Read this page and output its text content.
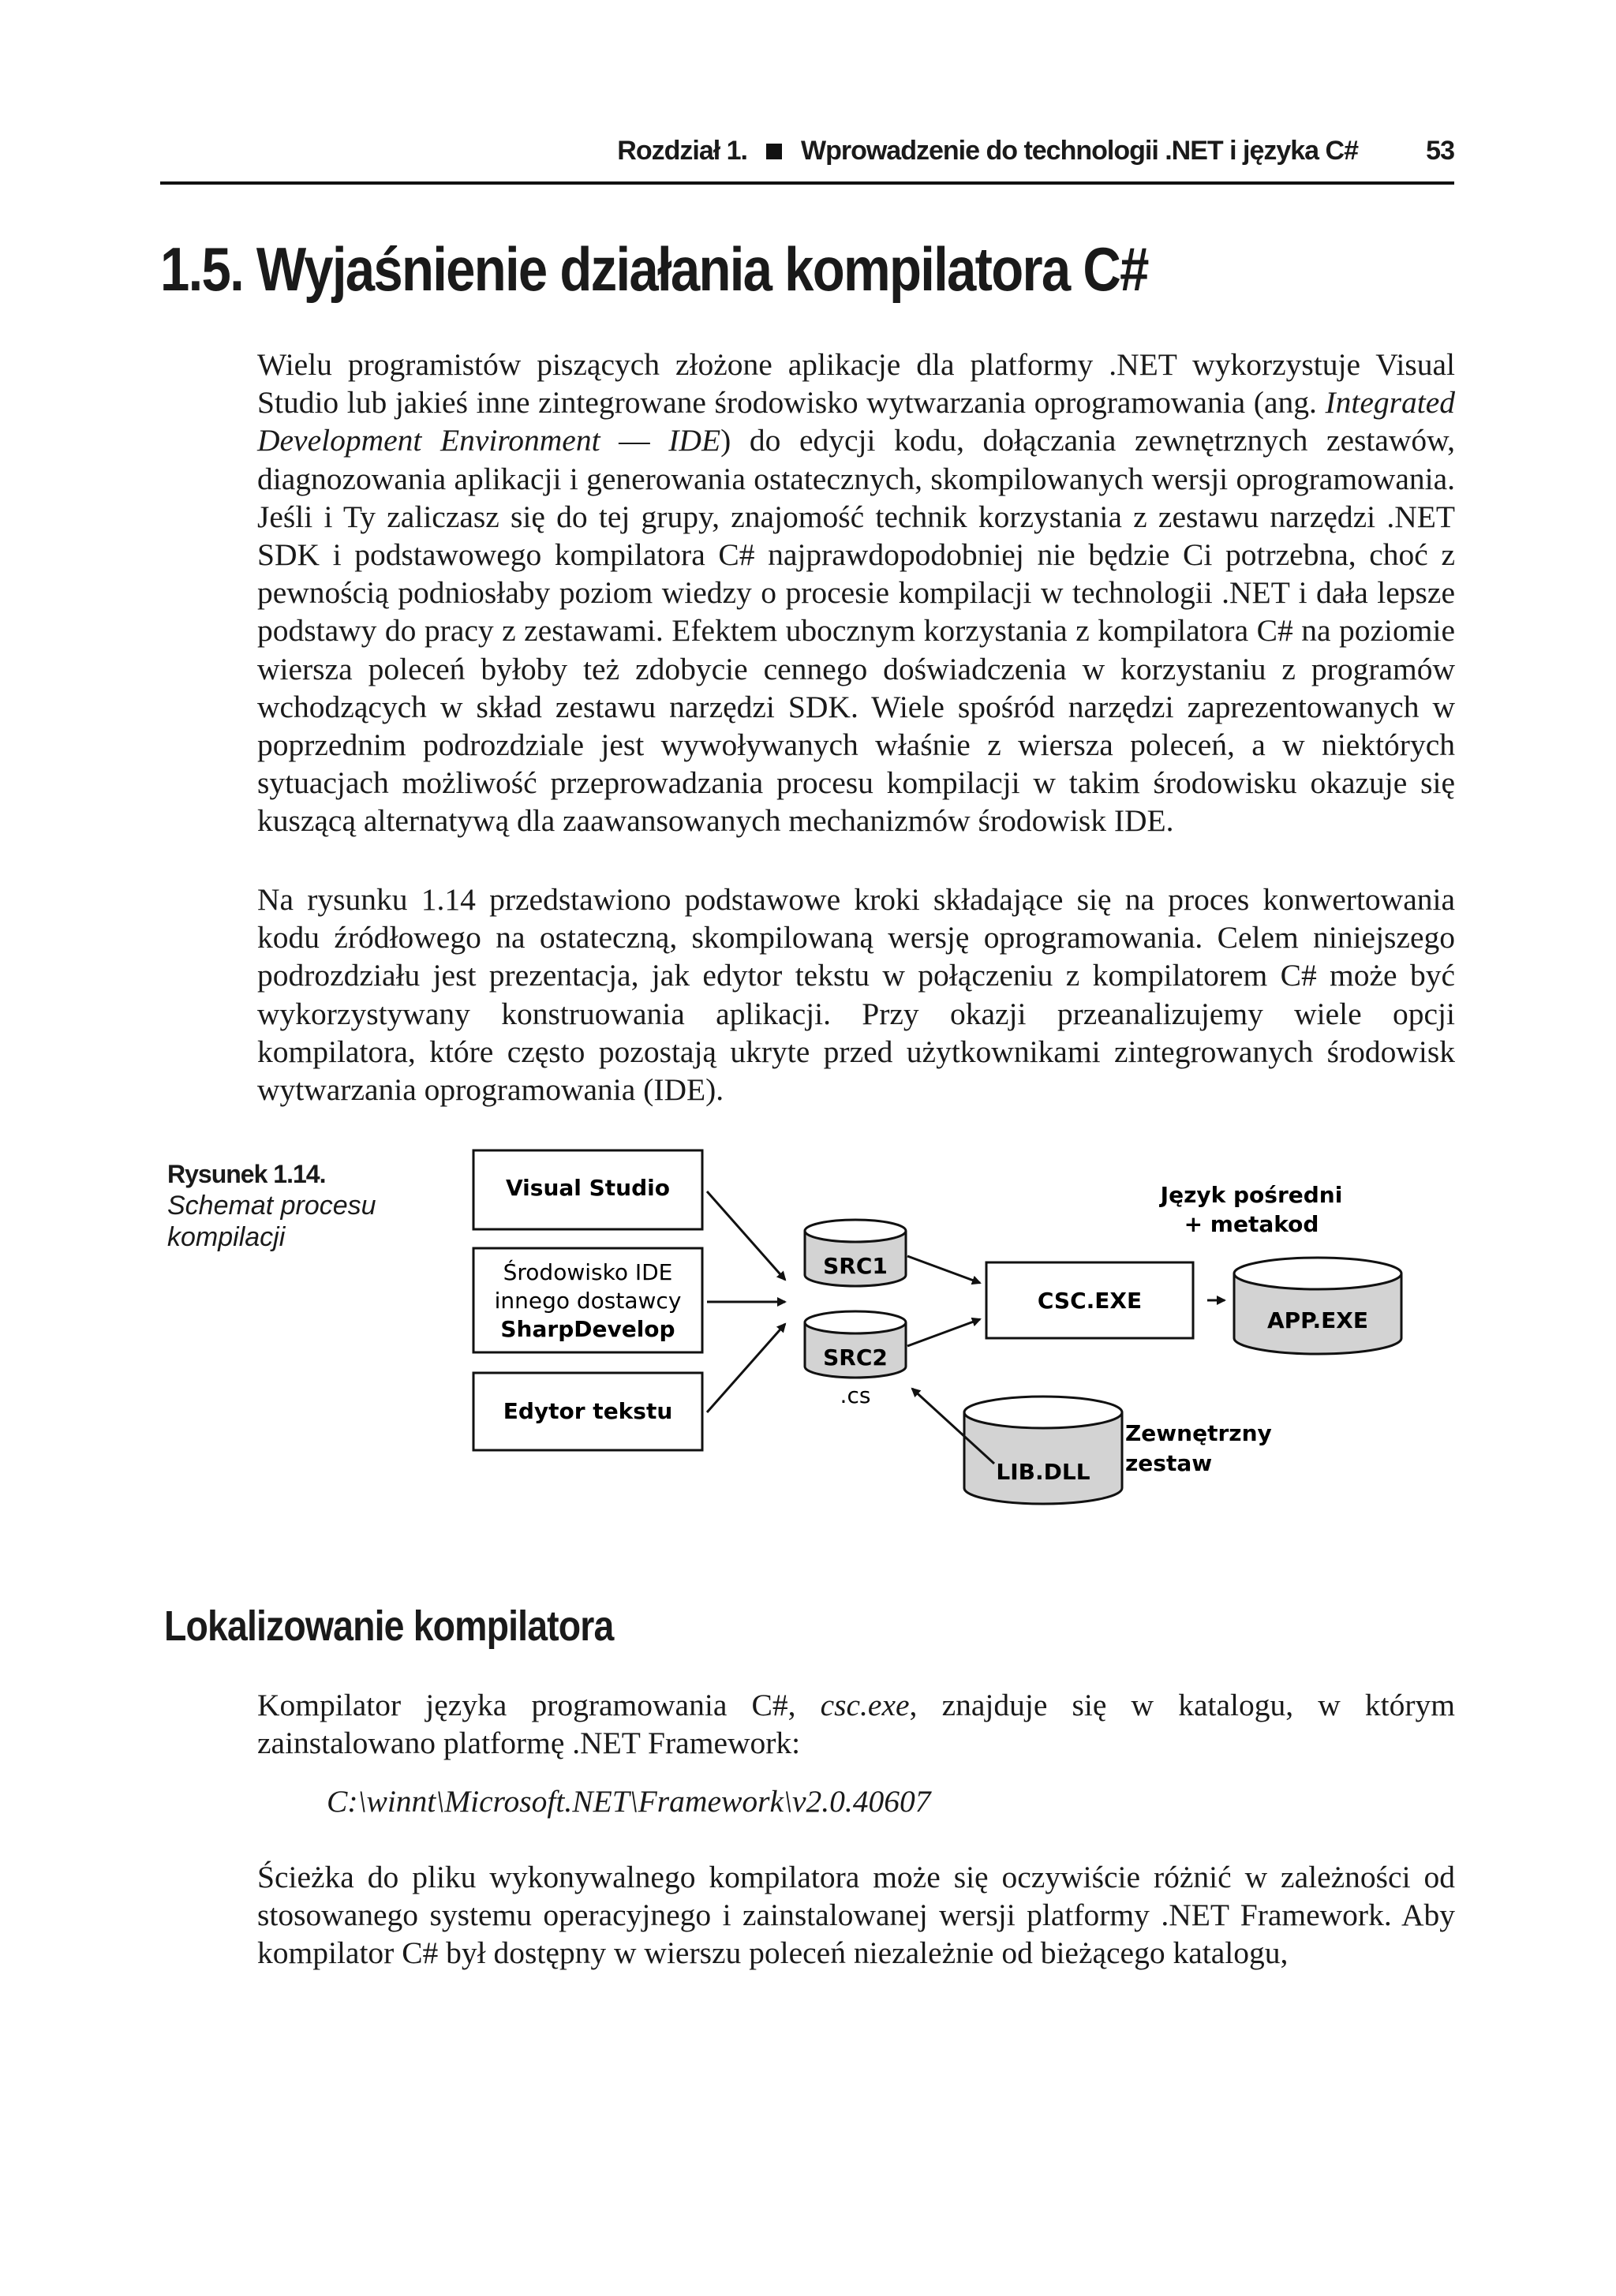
Rozdział 1. Wprowadzenie do technologii .NET i języka C#	53
1.5. Wyjaśnienie działania kompilatora C#

Wielu programistów piszących złożone aplikacje dla platformy .NET wykorzystuje Visual Studio lub jakieś inne zintegrowane środowisko wytwarzania oprogramowania (ang. Integrated Development Environment — IDE) do edycji kodu, dołączania zewnętrznych zestawów, diagnozowania aplikacji i generowania ostatecznych, skompilowanych wersji oprogramowania. Jeśli i Ty zaliczasz się do tej grupy, znajomość technik korzystania z zestawu narzędzi .NET SDK i podstawowego kompilatora C# najprawdopodobniej nie będzie Ci potrzebna, choć z pewnością podniosłaby poziom wiedzy o procesie kompilacji w technologii .NET i dała lepsze podstawy do pracy z zestawami. Efektem ubocznym korzystania z kompilatora C# na poziomie wiersza poleceń byłoby też zdobycie cennego doświadczenia w korzystaniu z programów wchodzących w skład zestawu narzędzi SDK. Wiele spośród narzędzi zaprezentowanych w poprzednim podrozdziale jest wywoływanych właśnie z wiersza poleceń, a w niektórych sytuacjach możliwość przeprowadzania procesu kompilacji w takim środowisku okazuje się kuszącą alternatywą dla zaawansowanych mechanizmów środowisk IDE.

Na rysunku 1.14 przedstawiono podstawowe kroki składające się na proces konwertowania kodu źródłowego na ostateczną, skompilowaną wersję oprogramowania. Celem niniejszego podrozdziału jest prezentacja, jak edytor tekstu w połączeniu z kompilatorem C# może być wykorzystywany konstruowania aplikacji. Przy okazji przeanalizujemy wiele opcji kompilatora, które często pozostają ukryte przed użytkownikami zintegrowanych środowisk wytwarzania oprogramowania (IDE).

Rysunek 1.14.
Schemat procesu kompilacji
Visual Studio
Środowisko IDE
innego dostawcy
SharpDevelop
Edytor tekstu
SRC1
SRC2
.cs
CSC.EXE
Język pośredni
+ metakod
APP.EXE
LIB.DLL
Zewnętrzny
zestaw
Lokalizowanie kompilatora

Kompilator języka programowania C#, csc.exe, znajduje się w katalogu, w którym zainstalowano platformę .NET Framework:

C:\winnt\Microsoft.NET\Framework\v2.0.40607

Ścieżka do pliku wykonywalnego kompilatora może się oczywiście różnić w zależności od stosowanego systemu operacyjnego i zainstalowanej wersji platformy .NET Framework. Aby kompilator C# był dostępny w wierszu poleceń niezależnie od bieżącego katalogu,
